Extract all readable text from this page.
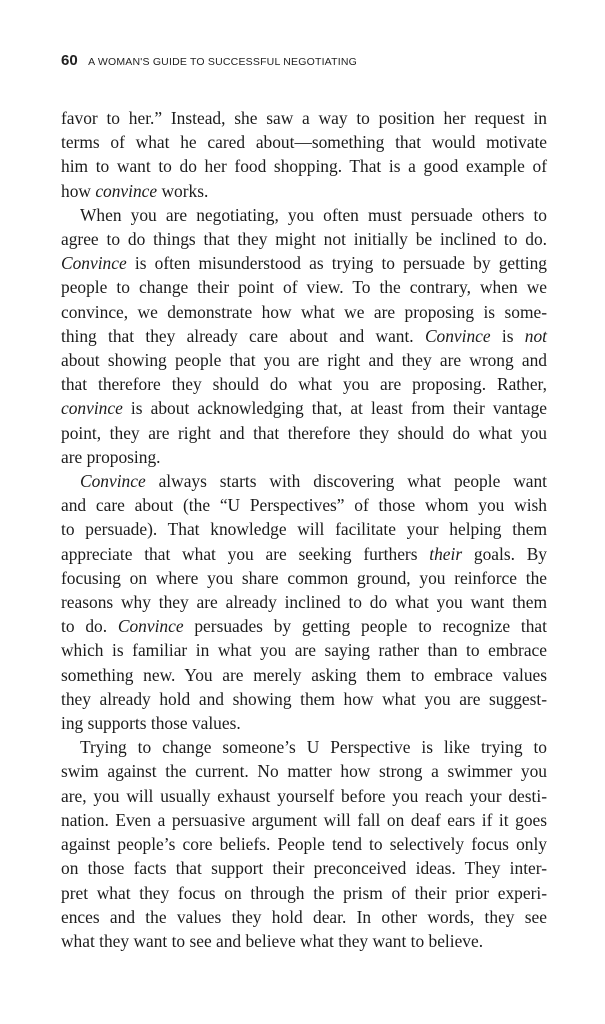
60 A WOMAN'S GUIDE TO SUCCESSFUL NEGOTIATING
favor to her.” Instead, she saw a way to position her request in
terms of what he cared about—something that would motivate
him to want to do her food shopping. That is a good example of
how convince works.
When you are negotiating, you often must persuade others to
agree to do things that they might not initially be inclined to do.
Convince is often misunderstood as trying to persuade by getting
people to change their point of view. To the contrary, when we
convince, we demonstrate how what we are proposing is some-
thing that they already care about and want. Convince is not
about showing people that you are right and they are wrong and
that therefore they should do what you are proposing. Rather,
convince is about acknowledging that, at least from their vantage
point, they are right and that therefore they should do what you
are proposing.
Convince always starts with discovering what people want
and care about (the “U Perspectives” of those whom you wish
to persuade). That knowledge will facilitate your helping them
appreciate that what you are seeking furthers their goals. By
focusing on where you share common ground, you reinforce the
reasons why they are already inclined to do what you want them
to do. Convince persuades by getting people to recognize that
which is familiar in what you are saying rather than to embrace
something new. You are merely asking them to embrace values
they already hold and showing them how what you are suggest-
ing supports those values.
Trying to change someone’s U Perspective is like trying to
swim against the current. No matter how strong a swimmer you
are, you will usually exhaust yourself before you reach your desti-
nation. Even a persuasive argument will fall on deaf ears if it goes
against people’s core beliefs. People tend to selectively focus only
on those facts that support their preconceived ideas. They inter-
pret what they focus on through the prism of their prior experi-
ences and the values they hold dear. In other words, they see
what they want to see and believe what they want to believe.
